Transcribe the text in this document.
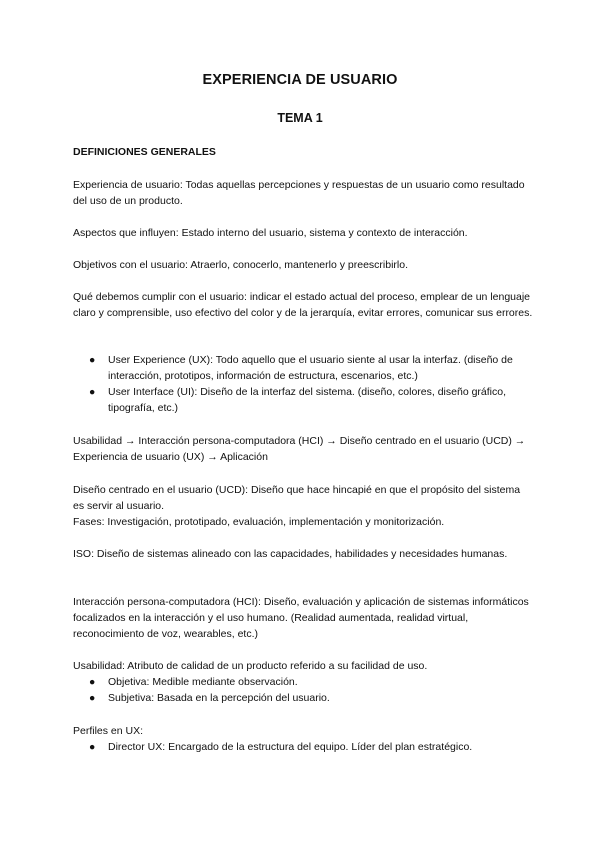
EXPERIENCIA DE USUARIO
TEMA 1
DEFINICIONES GENERALES
Experiencia de usuario: Todas aquellas percepciones y respuestas de un usuario como resultado del uso de un producto.
Aspectos que influyen: Estado interno del usuario, sistema y contexto de interacción.
Objetivos con el usuario: Atraerlo, conocerlo, mantenerlo y preescribirlo.
Qué debemos cumplir con el usuario: indicar el estado actual del proceso, emplear de un lenguaje claro y comprensible, uso efectivo del color y de la jerarquía, evitar errores, comunicar sus errores.
● User Experience (UX): Todo aquello que el usuario siente al usar la interfaz. (diseño de interacción, prototipos, información de estructura, escenarios, etc.)
● User Interface (UI): Diseño de la interfaz del sistema. (diseño, colores, diseño gráfico, tipografía, etc.)
Usabilidad → Interacción persona-computadora (HCI) → Diseño centrado en el usuario (UCD) → Experiencia de usuario (UX) → Aplicación
Diseño centrado en el usuario (UCD): Diseño que hace hincapié en que el propósito del sistema es servir al usuario.
Fases: Investigación, prototipado, evaluación, implementación y monitorización.
ISO: Diseño de sistemas alineado con las capacidades, habilidades y necesidades humanas.
Interacción persona-computadora (HCI): Diseño, evaluación y aplicación de sistemas informáticos focalizados en la interacción y el uso humano. (Realidad aumentada, realidad virtual, reconocimiento de voz, wearables, etc.)
Usabilidad: Atributo de calidad de un producto referido a su facilidad de uso.
● Objetiva: Medible mediante observación.
● Subjetiva: Basada en la percepción del usuario.
Perfiles en UX:
● Director UX: Encargado de la estructura del equipo. Líder del plan estratégico.
